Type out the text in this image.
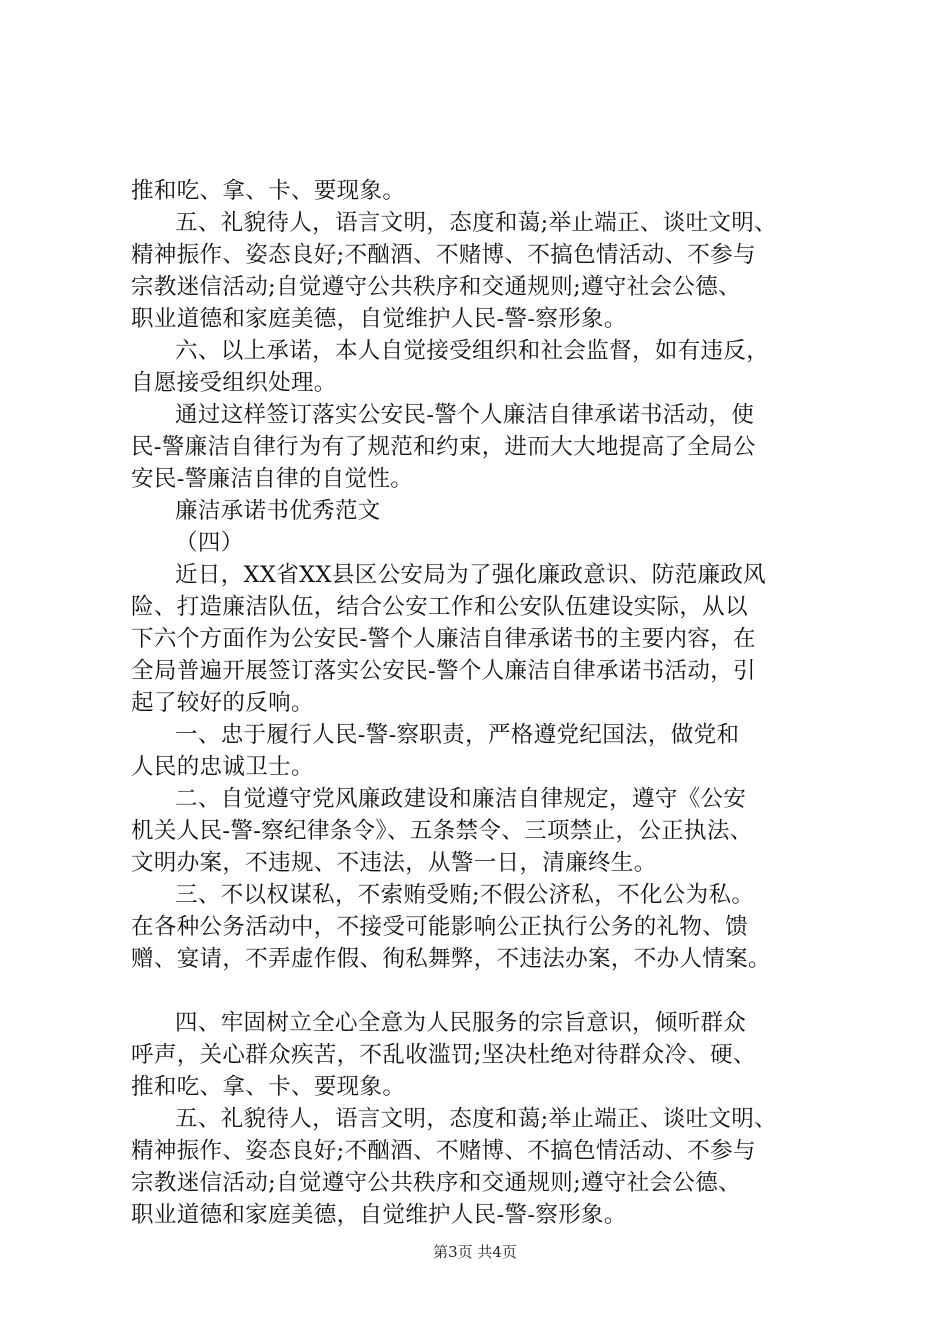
推和吃、拿、卡、要现象。
五、礼貌待人，语言文明，态度和蔼;举止端正、谈吐文明、
精神振作、姿态良好;不酗酒、不赌博、不搞色情活动、不参与
宗教迷信活动;自觉遵守公共秩序和交通规则;遵守社会公德、
职业道德和家庭美德，自觉维护人民-警-察形象。
六、以上承诺，本人自觉接受组织和社会监督，如有违反，
自愿接受组织处理。
通过这样签订落实公安民-警个人廉洁自律承诺书活动，使
民-警廉洁自律行为有了规范和约束，进而大大地提高了全局公
安民-警廉洁自律的自觉性。
廉洁承诺书优秀范文
（四）
近日，XX省XX县区公安局为了强化廉政意识、防范廉政风
险、打造廉洁队伍，结合公安工作和公安队伍建设实际，从以
下六个方面作为公安民-警个人廉洁自律承诺书的主要内容，在
全局普遍开展签订落实公安民-警个人廉洁自律承诺书活动，引
起了较好的反响。
一、忠于履行人民-警-察职责，严格遵党纪国法，做党和
人民的忠诚卫士。
二、自觉遵守党风廉政建设和廉洁自律规定，遵守《公安
机关人民-警-察纪律条令》、五条禁令、三项禁止，公正执法、
文明办案，不违规、不违法，从警一日，清廉终生。
三、不以权谋私，不索贿受贿;不假公济私，不化公为私。
在各种公务活动中，不接受可能影响公正执行公务的礼物、馈
赠、宴请，不弄虚作假、徇私舞弊，不违法办案，不办人情案。
四、牢固树立全心全意为人民服务的宗旨意识，倾听群众
呼声，关心群众疾苦，不乱收滥罚;坚决杜绝对待群众冷、硬、
推和吃、拿、卡、要现象。
五、礼貌待人，语言文明，态度和蔼;举止端正、谈吐文明、
精神振作、姿态良好;不酗酒、不赌博、不搞色情活动、不参与
宗教迷信活动;自觉遵守公共秩序和交通规则;遵守社会公德、
职业道德和家庭美德，自觉维护人民-警-察形象。
第3页 共4页
